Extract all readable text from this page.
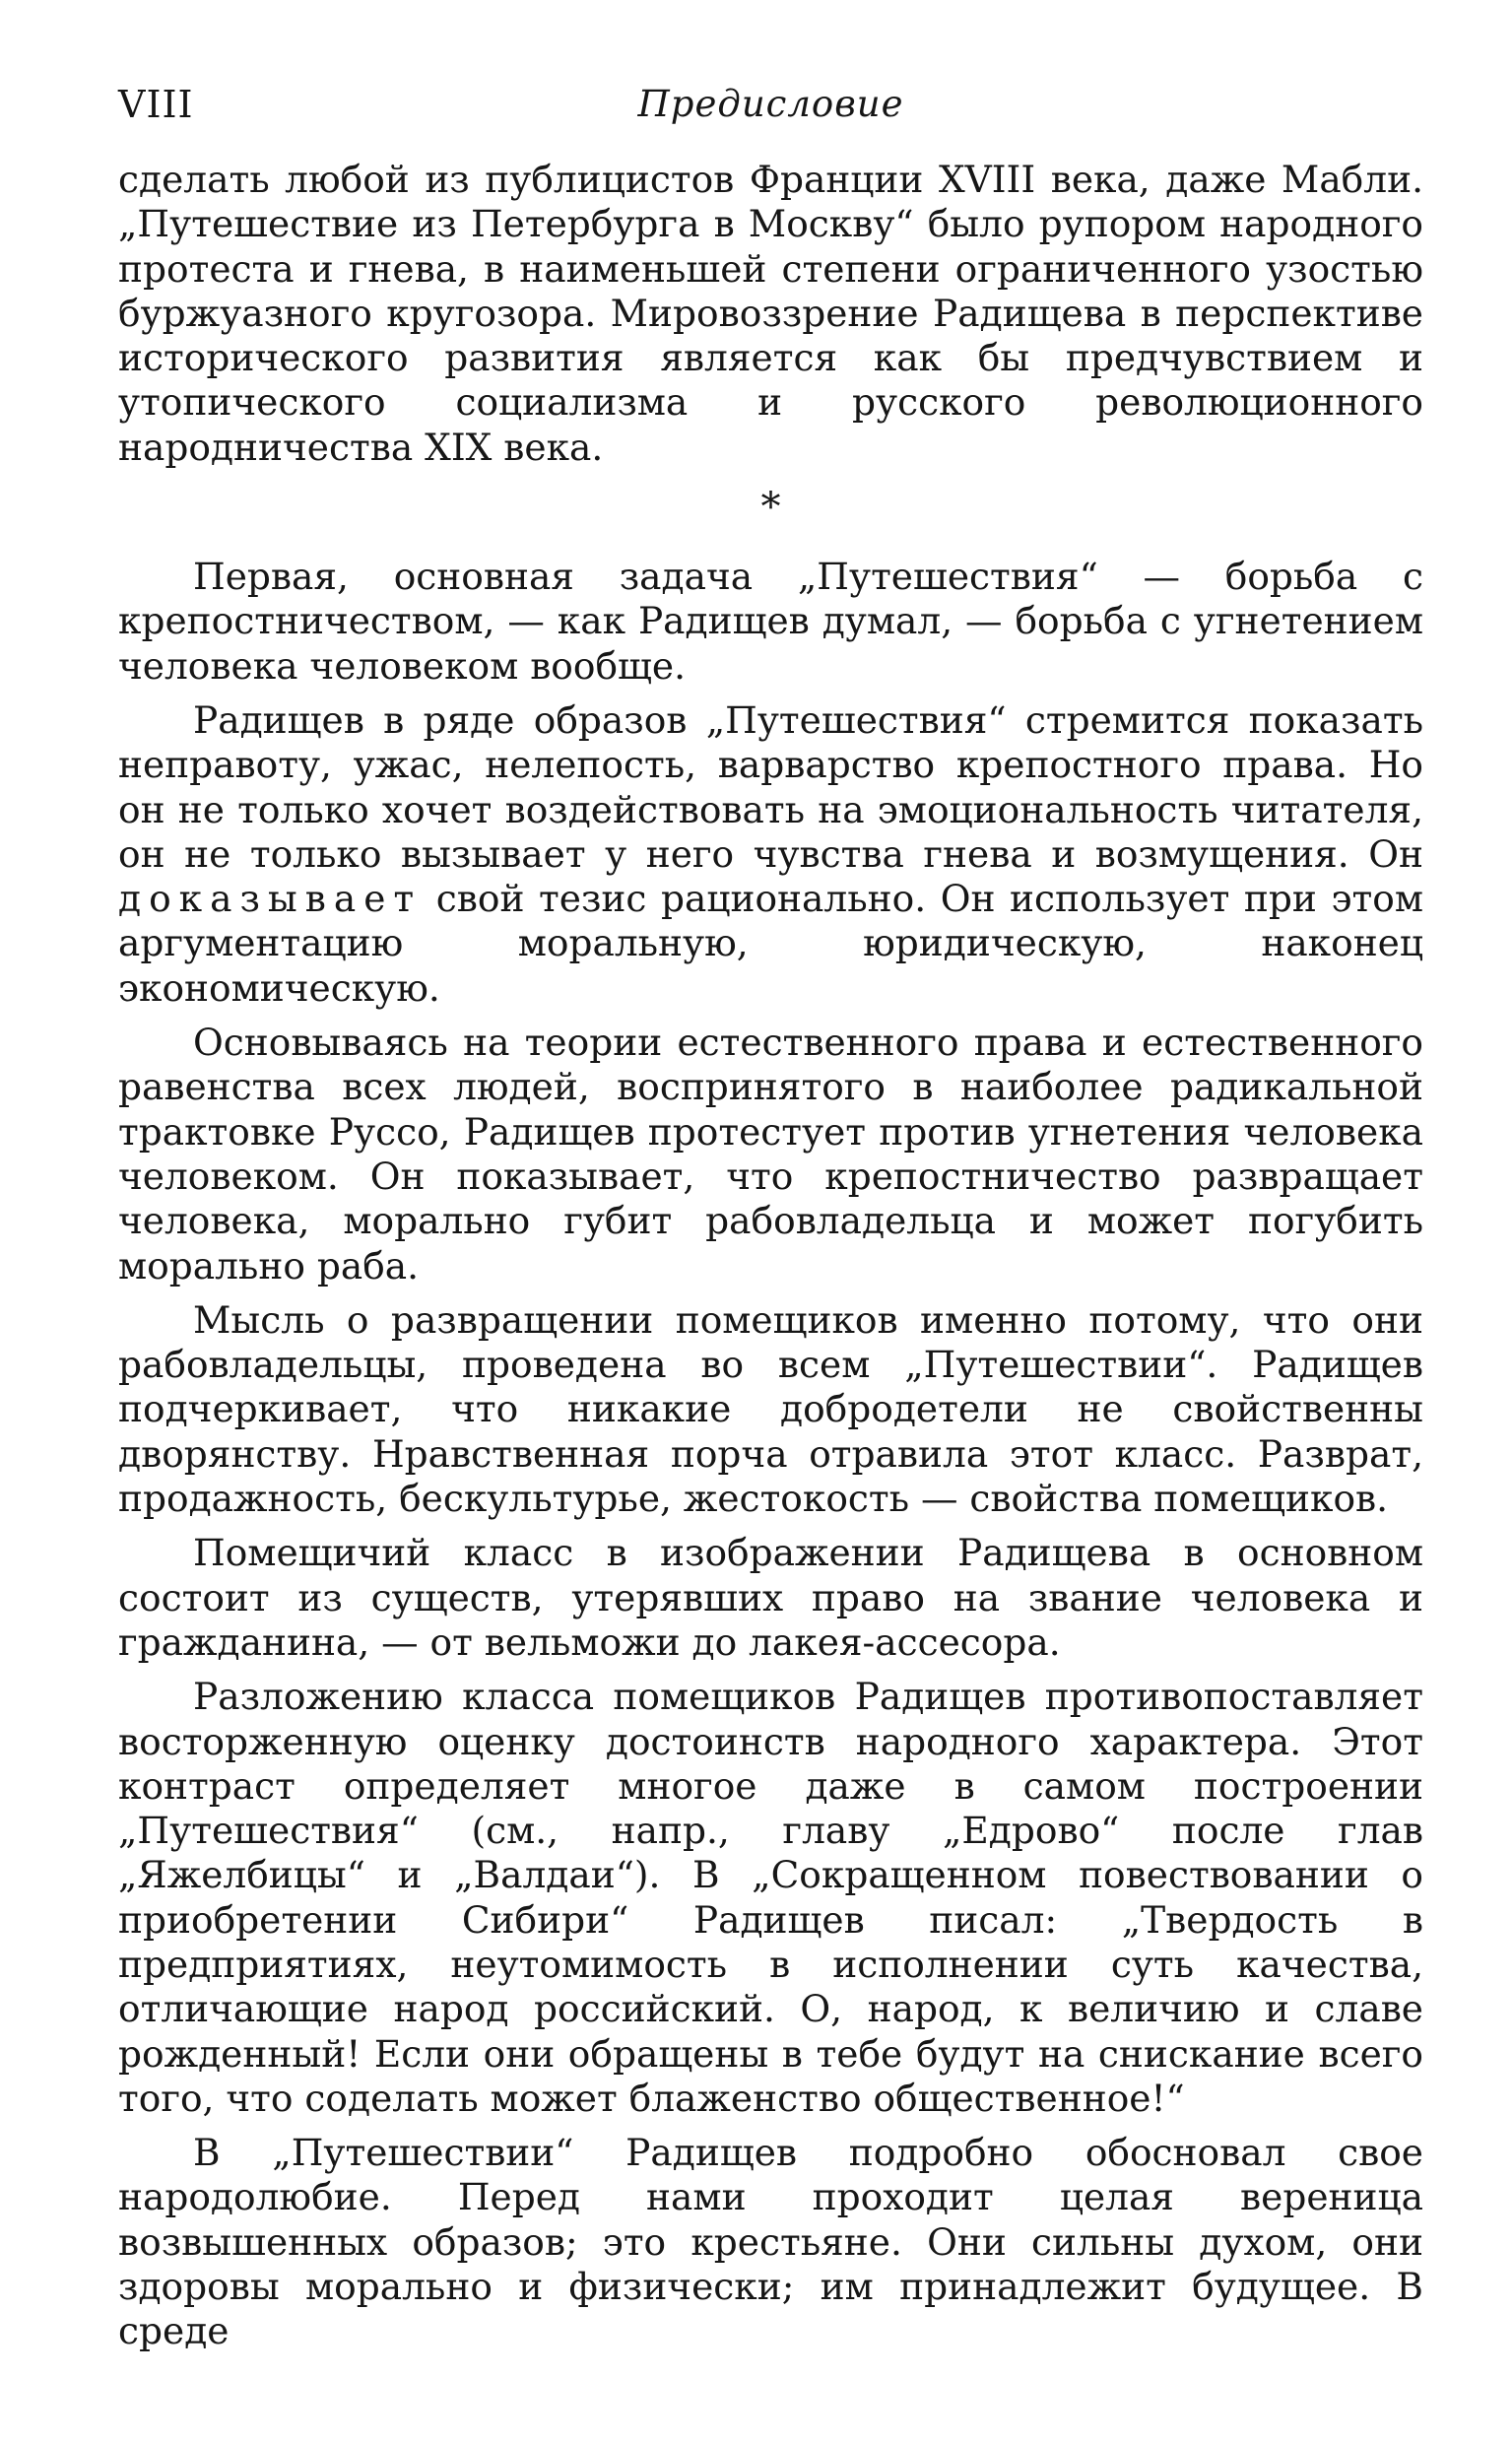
VIII	Предисловие

сделать любой из публицистов Франции XVIII века, даже Мабли. „Путешествие из Петербурга в Москву“ было рупором народного протеста и гнева, в наименьшей степени ограниченного узостью буржуазного кругозора. Мировоззрение Радищева в перспективе исторического развития является как бы предчувствием и утопического социализма и русского революционного народничества XIX века.

*

Первая, основная задача „Путешествия“ — борьба с крепостничеством, — как Радищев думал, — борьба с угнетением человека человеком вообще.

Радищев в ряде образов „Путешествия“ стремится показать неправоту, ужас, нелепость, варварство крепостного права. Но он не только хочет воздействовать на эмоциональность читателя, он не только вызывает у него чувства гнева и возмущения. Он доказывает свой тезис рационально. Он использует при этом аргументацию моральную, юридическую, наконец экономическую.

Основываясь на теории естественного права и естественного равенства всех людей, воспринятого в наиболее радикальной трактовке Руссо, Радищев протестует против угнетения человека человеком. Он показывает, что крепостничество развращает человека, морально губит рабовладельца и может погубить морально раба.

Мысль о развращении помещиков именно потому, что они рабовладельцы, проведена во всем „Путешествии“. Радищев подчеркивает, что никакие добродетели не свойственны дворянству. Нравственная порча отравила этот класс. Разврат, продажность, бескультурье, жестокость — свойства помещиков.

Помещичий класс в изображении Радищева в основном состоит из существ, утерявших право на звание человека и гражданина, — от вельможи до лакея-ассесора.

Разложению класса помещиков Радищев противопоставляет восторженную оценку достоинств народного характера. Этот контраст определяет многое даже в самом построении „Путешествия“ (см., напр., главу „Едрово“ после глав „Яжелбицы“ и „Валдаи“). В „Сокращенном повествовании о приобретении Сибири“ Радищев писал: „Твердость в предприятиях, неутомимость в исполнении суть качества, отличающие народ российский. О, народ, к величию и славе рожденный! Если они обращены в тебе будут на снискание всего того, что соделать может блаженство общественное!“

В „Путешествии“ Радищев подробно обосновал свое народолюбие. Перед нами проходит целая вереница возвышенных образов; это крестьяне. Они сильны духом, они здоровы морально и физически; им принадлежит будущее. В среде
